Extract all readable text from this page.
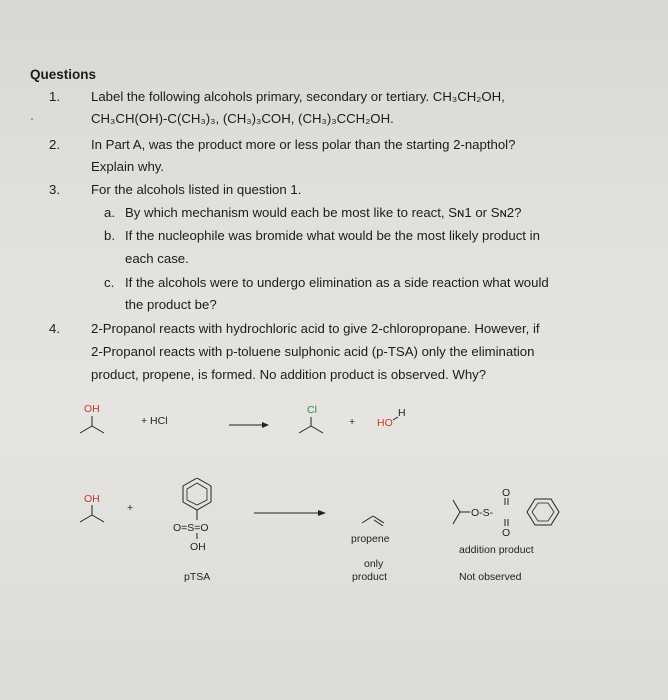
Questions
1. Label the following alcohols primary, secondary or tertiary. CH₃CH₂OH,
CH₃CH(OH)-C(CH₃)₃, (CH₃)₃COH, (CH₃)₃CCH₂OH.
2. In Part A, was the product more or less polar than the starting 2-napthol?
Explain why.
3. For the alcohols listed in question 1.
a. By which mechanism would each be most like to react, Sɴ1 or Sɴ2?
b. If the nucleophile was bromide what would be the most likely product in
each case.
c. If the alcohols were to undergo elimination as a side reaction what would
the product be?
4. 2-Propanol reacts with hydrochloric acid to give 2-chloropropane. However, if
2-Propanol reacts with p-toluene sulphonic acid (p-TSA) only the elimination
product, propene, is formed. No addition product is observed. Why?
OH
+ HCl
Cl
+ HO
H
OH
+
O=S=O
OH
pTSA
propene
only
product
O
O-S-
O
addition product
Not observed
